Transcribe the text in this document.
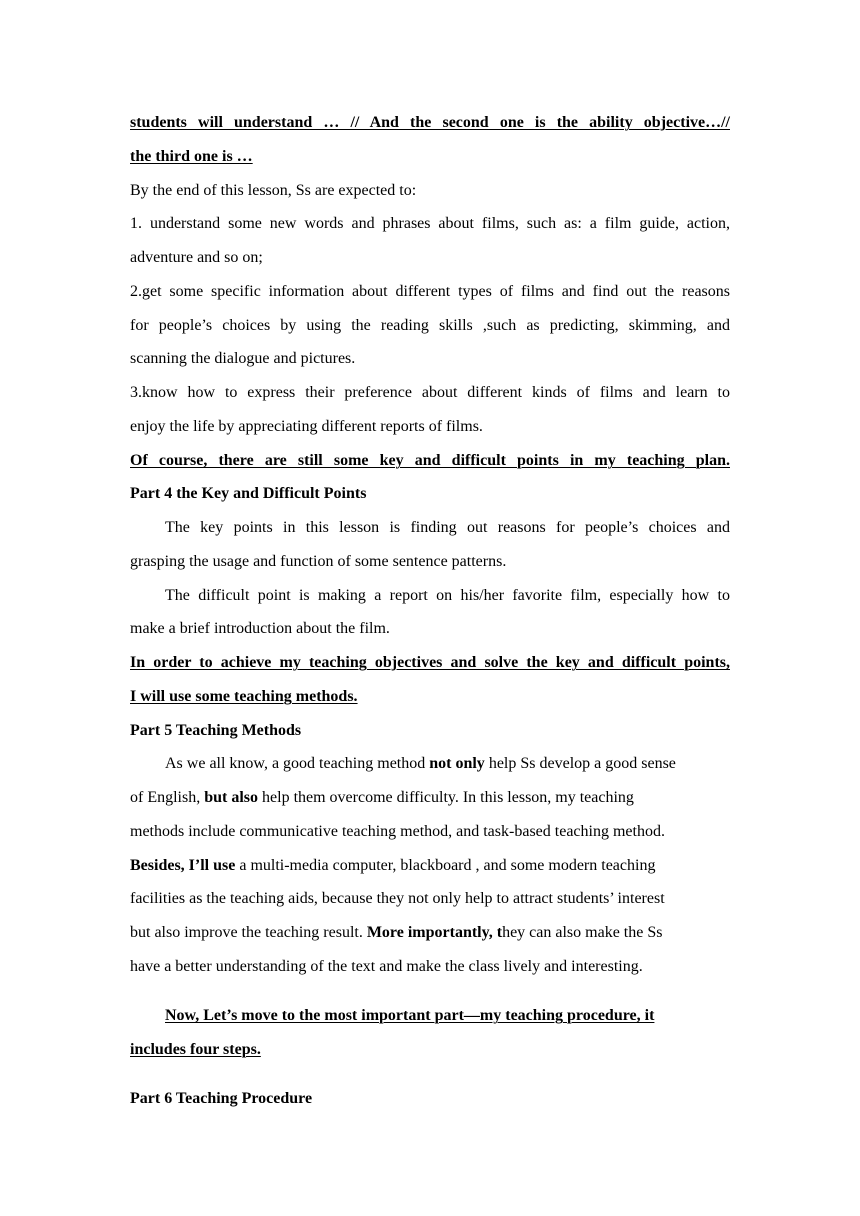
students will understand … // And the second one is the ability objective…//
the third one is …
By the end of this lesson, Ss are expected to:
1. understand some new words and phrases about films, such as: a film guide, action,
adventure and so on;
2.get some specific information about different types of films and find out the reasons
for people’s choices by using the reading skills ,such as predicting, skimming, and
scanning the dialogue and pictures.
3.know how to express their preference about different kinds of films and learn to
enjoy the life by appreciating different reports of films.
Of course, there are still some key and difficult points in my teaching plan.
Part 4 the Key and Difficult Points
The key points in this lesson is finding out reasons for people’s choices and
grasping the usage and function of some sentence patterns.
The difficult point is making a report on his/her favorite film, especially how to
make a brief introduction about the film.
In order to achieve my teaching objectives and solve the key and difficult points,
I will use some teaching methods.
Part 5 Teaching Methods
As we all know, a good teaching method not only help Ss develop a good sense
of English, but also help them overcome difficulty. In this lesson, my teaching
methods include communicative teaching method, and task-based teaching method.
Besides, I’ll use a multi-media computer, blackboard , and some modern teaching
facilities as the teaching aids, because they not only help to attract students’ interest
but also improve the teaching result. More importantly, they can also make the Ss
have a better understanding of the text and make the class lively and interesting.
Now, Let’s move to the most important part—my teaching procedure, it
includes four steps.
Part 6 Teaching Procedure
